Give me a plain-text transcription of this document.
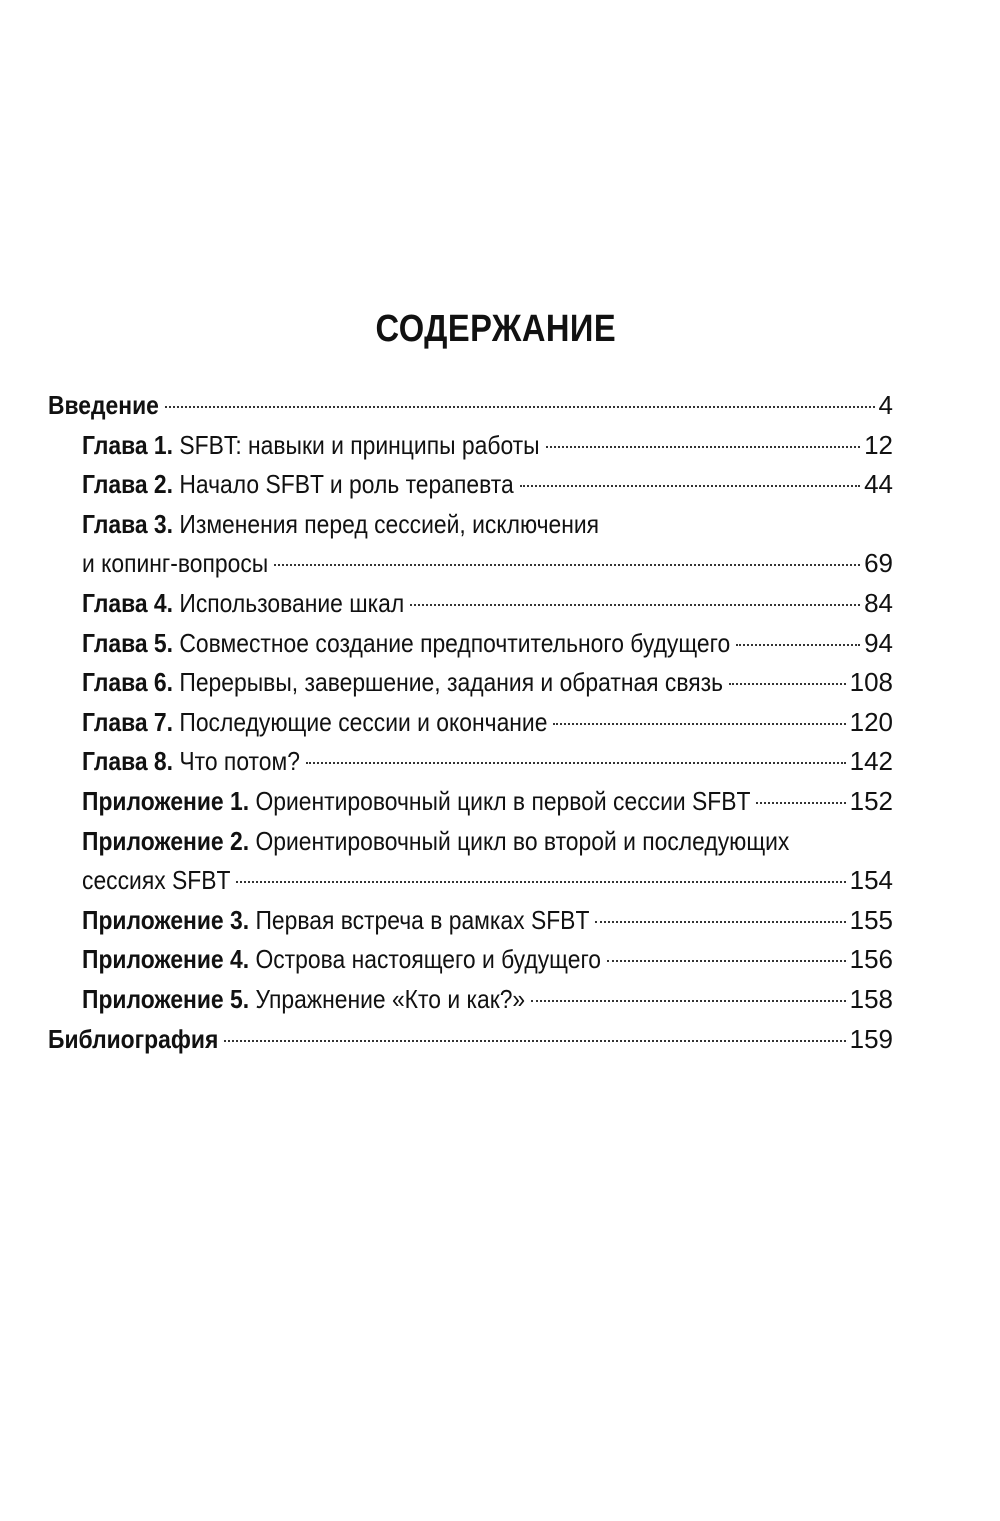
СОДЕРЖАНИЕ
Введение	4
Глава 1. SFBT: навыки и принципы работы	12
Глава 2. Начало SFBT и роль терапевта	44
Глава 3. Изменения перед сессией, исключения
и копинг-вопросы	69
Глава 4. Использование шкал	84
Глава 5. Совместное создание предпочтительного будущего	94
Глава 6. Перерывы, завершение, задания и обратная связь	108
Глава 7. Последующие сессии и окончание	120
Глава 8. Что потом?	142
Приложение 1. Ориентировочный цикл в первой сессии SFBT	152
Приложение 2. Ориентировочный цикл во второй и последующих
сессиях SFBT	154
Приложение 3. Первая встреча в рамках SFBT	155
Приложение 4. Острова настоящего и будущего	156
Приложение 5. Упражнение «Кто и как?»	158
Библиография	159
